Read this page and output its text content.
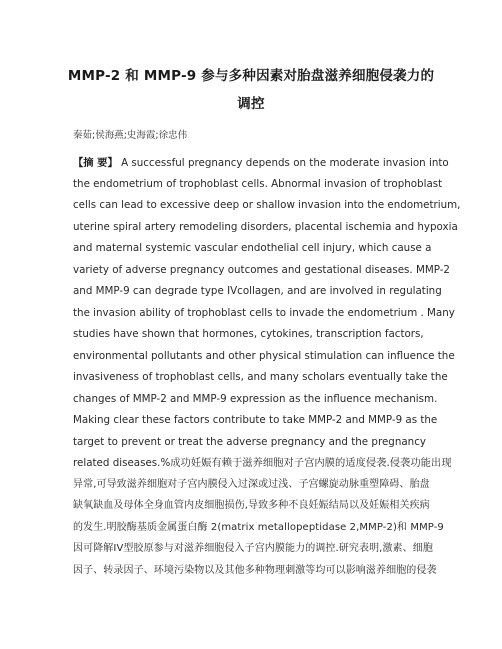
MMP-2 和 MMP-9 参与多种因素对胎盘滋养细胞侵袭力的
调控
秦茹;侯海燕;史海霞;徐忠伟
【摘 要】 A successful pregnancy depends on the moderate invasion into
the endometrium of trophoblast cells. Abnormal invasion of trophoblast
cells can lead to excessive deep or shallow invasion into the endometrium,
uterine spiral artery remodeling disorders, placental ischemia and hypoxia
and maternal systemic vascular endothelial cell injury, which cause a
variety of adverse pregnancy outcomes and gestational diseases. MMP-2
and MMP-9 can degrade type IVcollagen, and are involved in regulating
the invasion ability of trophoblast cells to invade the endometrium . Many
studies have shown that hormones, cytokines, transcription factors,
environmental pollutants and other physical stimulation can influence the
invasiveness of trophoblast cells, and many scholars eventually take the
changes of MMP-2 and MMP-9 expression as the influence mechanism.
Making clear these factors contribute to take MMP-2 and MMP-9 as the
target to prevent or treat the adverse pregnancy and the pregnancy
related diseases.%成功妊娠有赖于滋养细胞对子宫内膜的适度侵袭.侵袭功能出现
异常,可导致滋养细胞对子宫内膜侵入过深或过浅、子宫螺旋动脉重塑障碍、胎盘
缺氧缺血及母体全身血管内皮细胞损伤,导致多种不良妊娠结局以及妊娠相关疾病
的发生.明胶酶基质金属蛋白酶 2(matrix metallopeptidase 2,MMP-2)和 MMP-9
因可降解IV型胶原参与对滋养细胞侵入子宫内膜能力的调控.研究表明,激素、细胞
因子、转录因子、环境污染物以及其他多种物理刺激等均可以影响滋养细胞的侵袭
